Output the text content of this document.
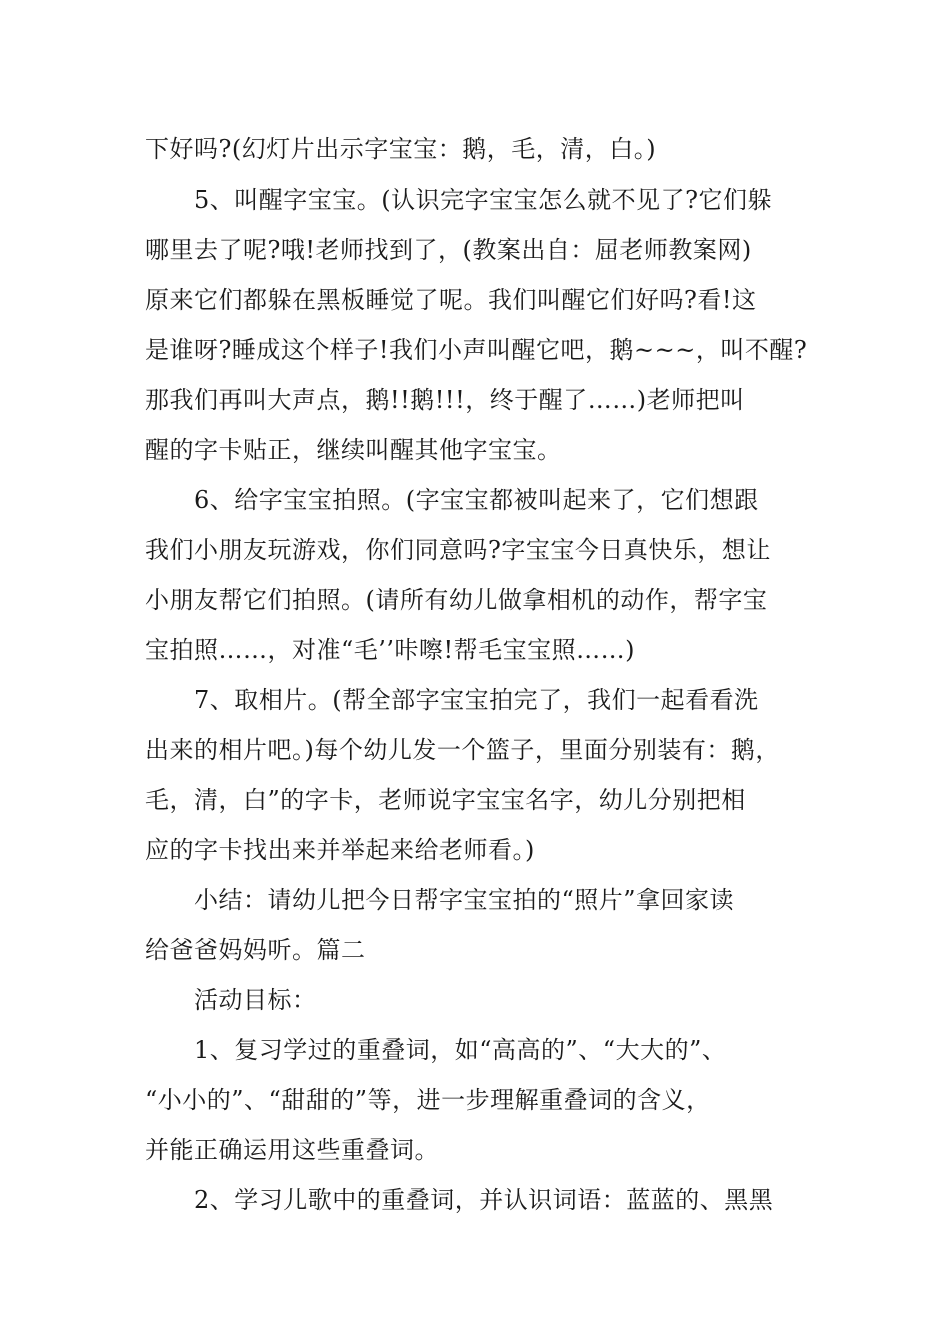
下好吗?(幻灯片出示字宝宝：鹅，毛，清，白。)
5、叫醒字宝宝。(认识完字宝宝怎么就不见了?它们躲
哪里去了呢?哦!老师找到了，(教案出自：屈老师教案网)
原来它们都躲在黑板睡觉了呢。我们叫醒它们好吗?看!这
是谁呀?睡成这个样子!我们小声叫醒它吧，鹅~~~，叫不醒?
那我们再叫大声点，鹅!!鹅!!!，终于醒了……)老师把叫
醒的字卡贴正，继续叫醒其他字宝宝。
6、给字宝宝拍照。(字宝宝都被叫起来了，它们想跟
我们小朋友玩游戏，你们同意吗?字宝宝今日真快乐，想让
小朋友帮它们拍照。(请所有幼儿做拿相机的动作，帮字宝
宝拍照……，对准“毛’’咔嚓!帮毛宝宝照……)
7、取相片。(帮全部字宝宝拍完了，我们一起看看洗
出来的相片吧。)每个幼儿发一个篮子，里面分别装有：鹅，
毛，清，白”的字卡，老师说字宝宝名字，幼儿分别把相
应的字卡找出来并举起来给老师看。)
小结：请幼儿把今日帮字宝宝拍的“照片”拿回家读
给爸爸妈妈听。篇二
活动目标：
1、复习学过的重叠词，如“高高的”、“大大的”、
“小小的”、“甜甜的”等，进一步理解重叠词的含义，
并能正确运用这些重叠词。
2、学习儿歌中的重叠词，并认识词语：蓝蓝的、黑黑
